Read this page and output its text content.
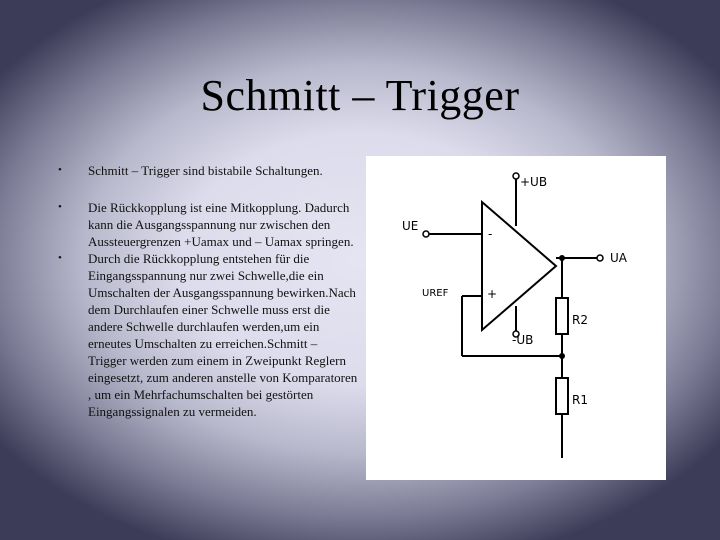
Schmitt – Trigger
• Schmitt – Trigger sind bistabile Schaltungen.
• Die Rückkopplung ist eine Mitkopplung. Dadurch kann die Ausgangsspannung nur zwischen den Aussteuergrenzen +Uamax und – Uamax springen.
• Durch die Rückkopplung entstehen für die Eingangsspannung nur zwei Schwelle,die ein Umschalten der Ausgangsspannung bewirken.Nach dem Durchlaufen einer Schwelle muss erst die andere Schwelle durchlaufen werden,um ein erneutes Umschalten zu erreichen.Schmitt – Trigger werden zum einem in Zweipunkt Reglern eingesetzt, zum anderen anstelle von Komparatoren , um ein Mehrfachumschalten bei gestörten Eingangssignalen zu vermeiden.
+UB
-UB
UE
UREF
UA
-
+
R2
R1
